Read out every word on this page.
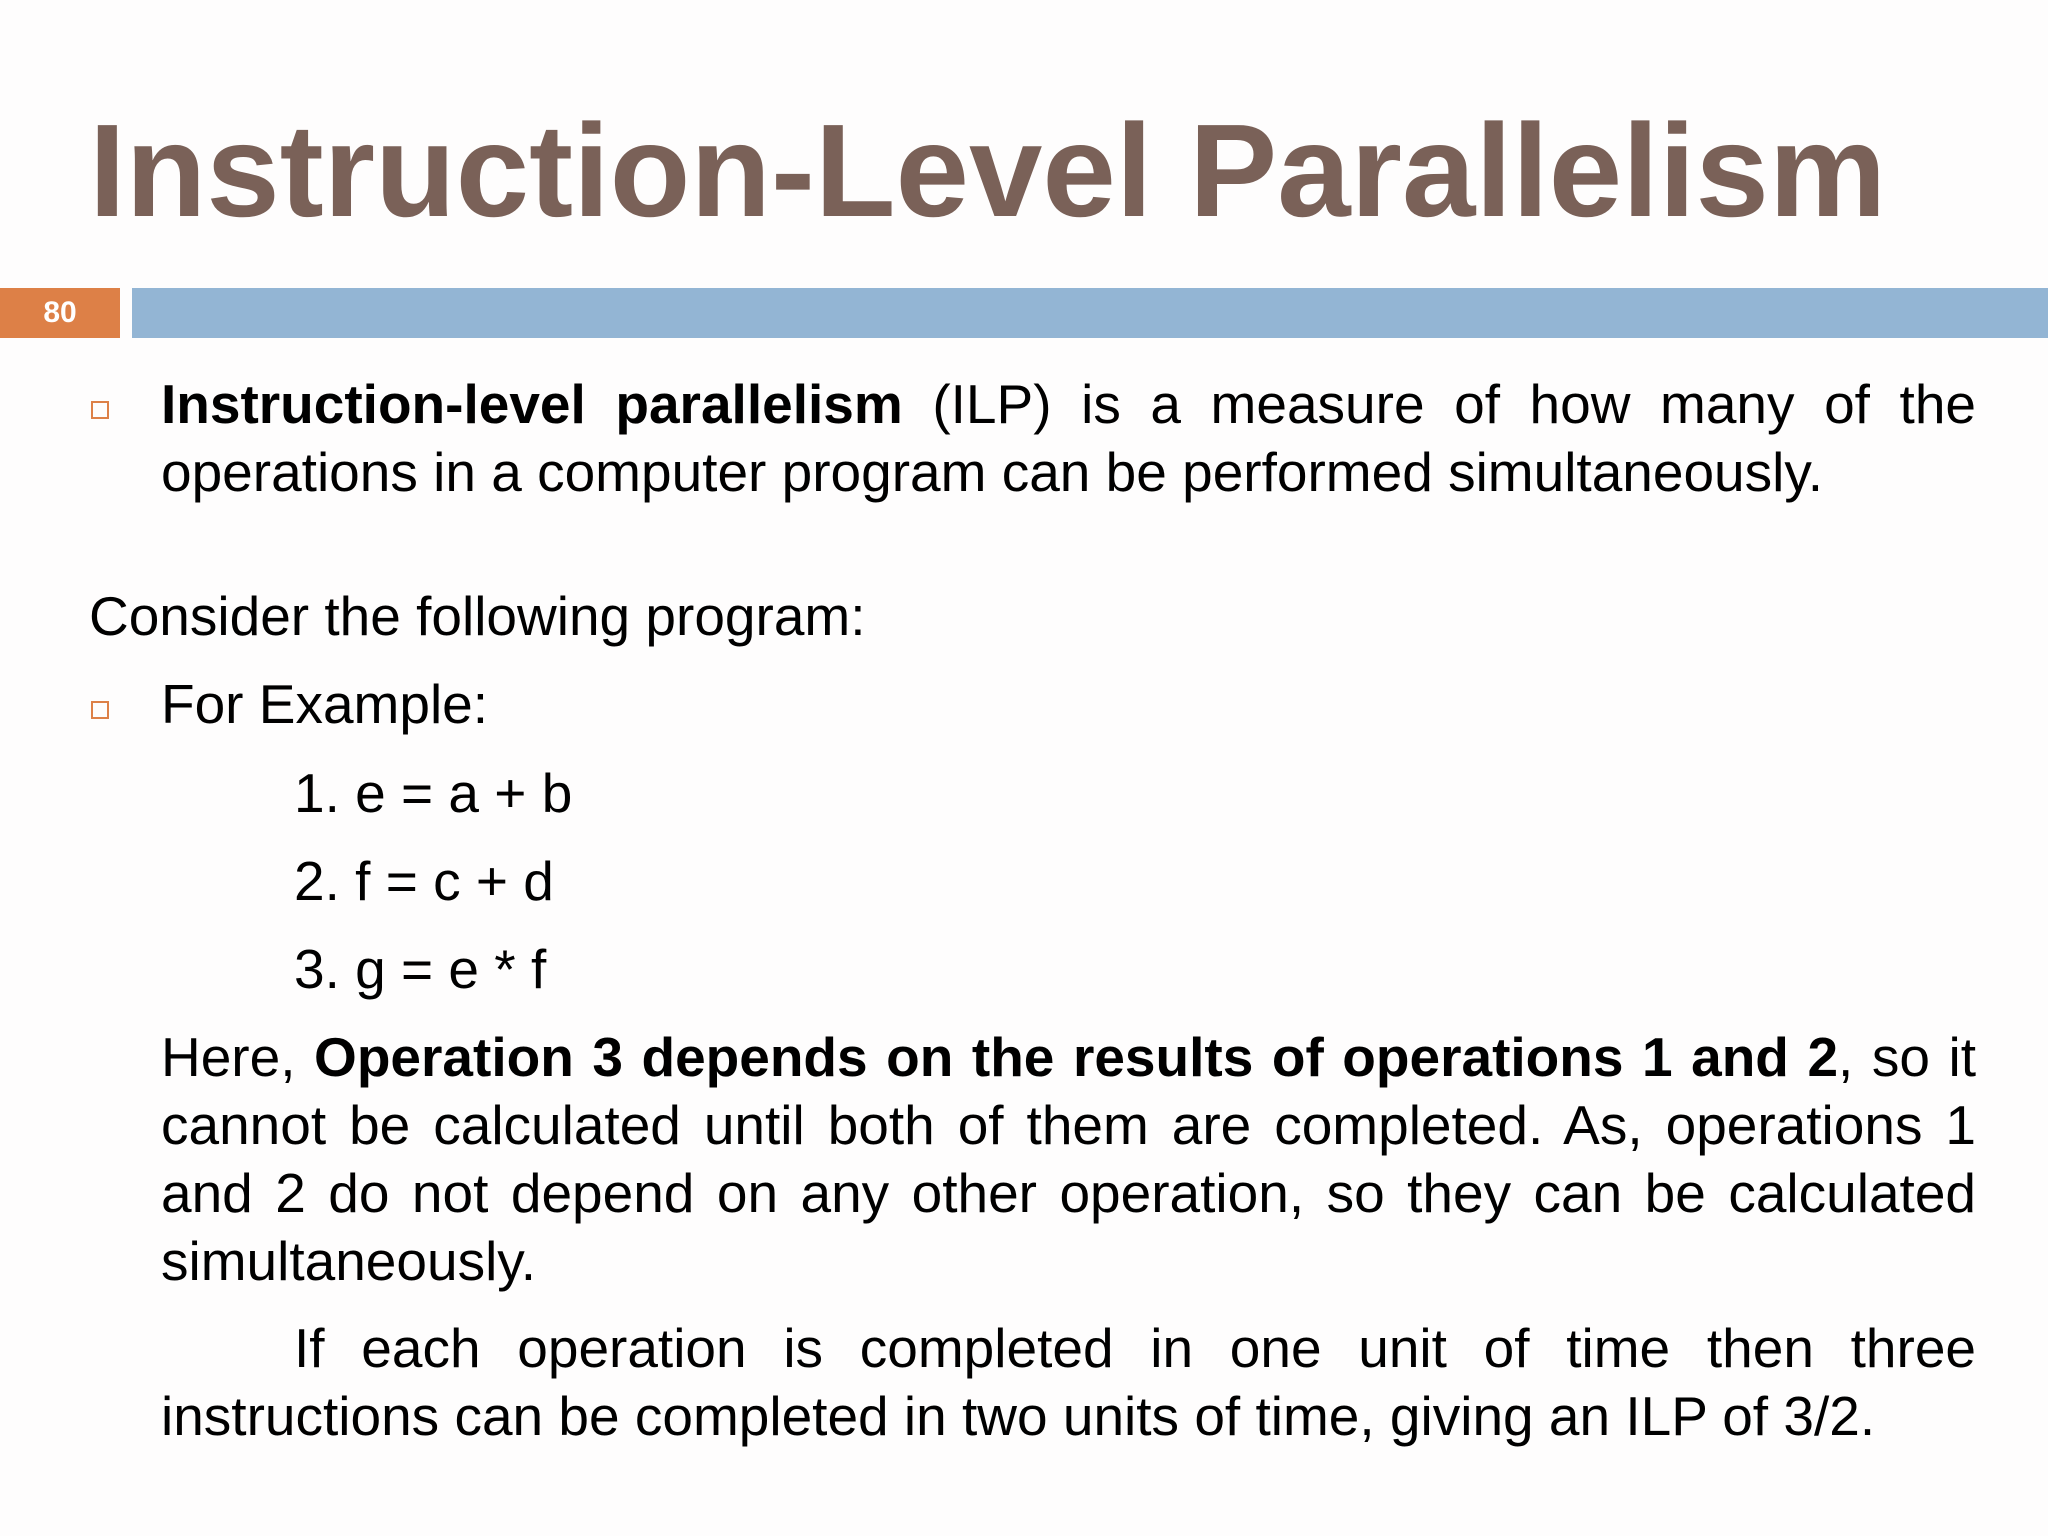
Instruction-Level Parallelism
80
Instruction-level parallelism (ILP) is a measure of how many of the operations in a computer program can be performed simultaneously.
Consider the following program:
For Example:
1. e = a + b
2. f = c + d
3. g = e * f
Here, Operation 3 depends on the results of operations 1 and 2, so it cannot be calculated until both of them are completed. As, operations 1 and 2 do not depend on any other operation, so they can be calculated simultaneously.
If each operation is completed in one unit of time then three instructions can be completed in two units of time, giving an ILP of 3/2.
